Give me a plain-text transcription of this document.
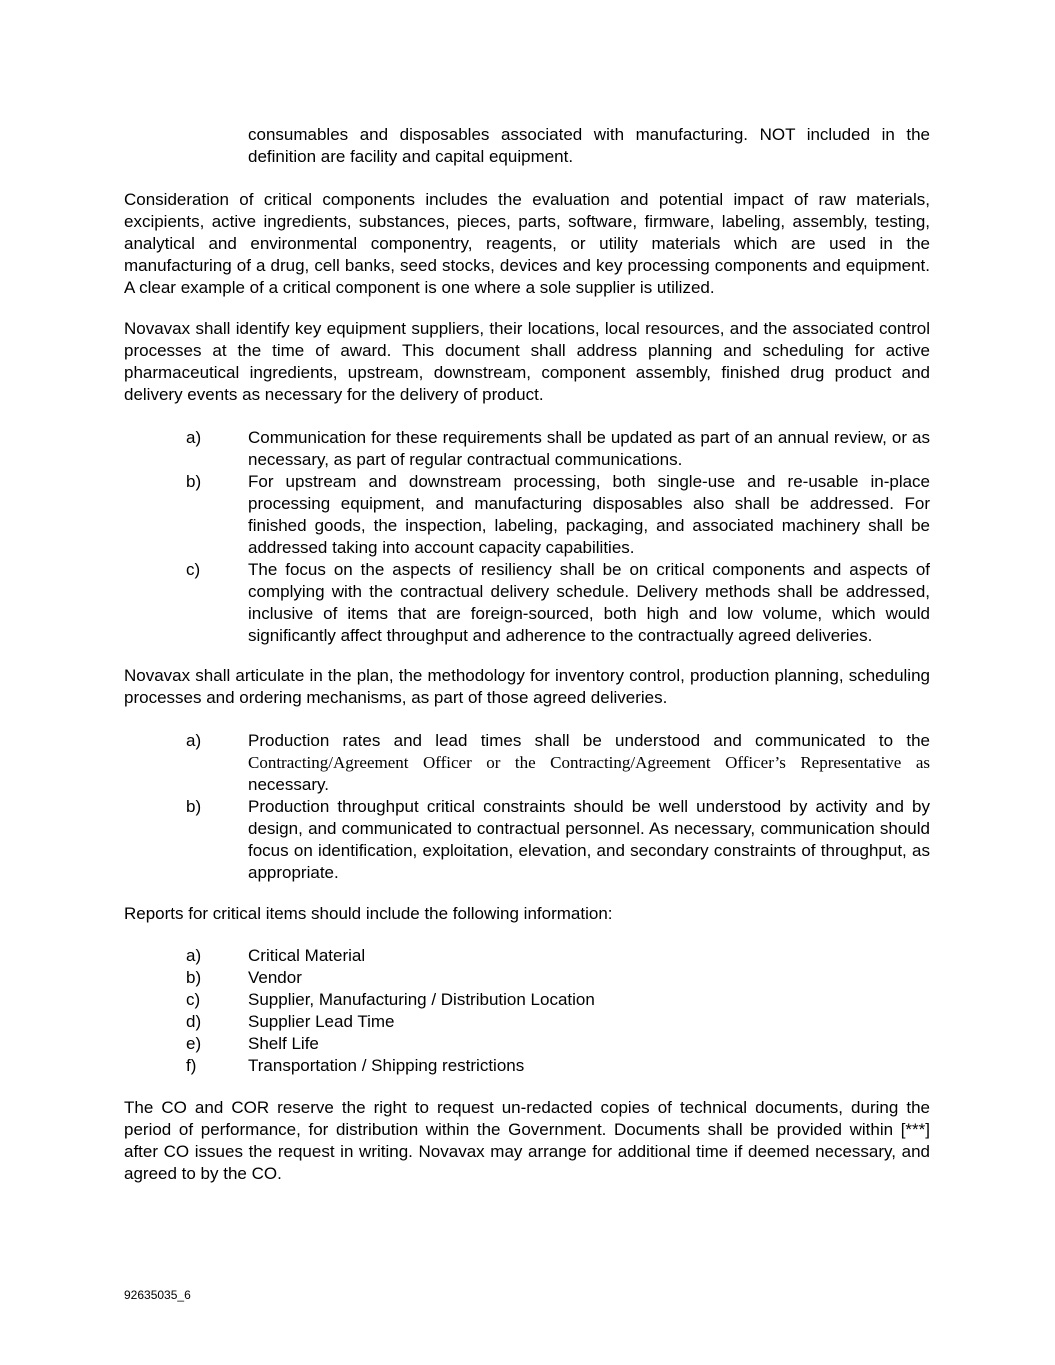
consumables and disposables associated with manufacturing. NOT included in the definition are facility and capital equipment.

Consideration of critical components includes the evaluation and potential impact of raw materials, excipients, active ingredients, substances, pieces, parts, software, firmware, labeling, assembly, testing, analytical and environmental componentry, reagents, or utility materials which are used in the manufacturing of a drug, cell banks, seed stocks, devices and key processing components and equipment. A clear example of a critical component is one where a sole supplier is utilized.

Novavax shall identify key equipment suppliers, their locations, local resources, and the associated control processes at the time of award. This document shall address planning and scheduling for active pharmaceutical ingredients, upstream, downstream, component assembly, finished drug product and delivery events as necessary for the delivery of product.

a)	Communication for these requirements shall be updated as part of an annual review, or as necessary, as part of regular contractual communications.
b)	For upstream and downstream processing, both single-use and re-usable in-place processing equipment, and manufacturing disposables also shall be addressed. For finished goods, the inspection, labeling, packaging, and associated machinery shall be addressed taking into account capacity capabilities.
c)	The focus on the aspects of resiliency shall be on critical components and aspects of complying with the contractual delivery schedule. Delivery methods shall be addressed, inclusive of items that are foreign-sourced, both high and low volume, which would significantly affect throughput and adherence to the contractually agreed deliveries.

Novavax shall articulate in the plan, the methodology for inventory control, production planning, scheduling processes and ordering mechanisms, as part of those agreed deliveries.

a)	Production rates and lead times shall be understood and communicated to the Contracting/Agreement Officer or the Contracting/Agreement Officer’s Representative as necessary.
b)	Production throughput critical constraints should be well understood by activity and by design, and communicated to contractual personnel. As necessary, communication should focus on identification, exploitation, elevation, and secondary constraints of throughput, as appropriate.

Reports for critical items should include the following information:

a)	Critical Material
b)	Vendor
c)	Supplier, Manufacturing / Distribution Location
d)	Supplier Lead Time
e)	Shelf Life
f)	Transportation / Shipping restrictions

The CO and COR reserve the right to request un-redacted copies of technical documents, during the period of performance, for distribution within the Government. Documents shall be provided within [***] after CO issues the request in writing. Novavax may arrange for additional time if deemed necessary, and agreed to by the CO.

92635035_6
